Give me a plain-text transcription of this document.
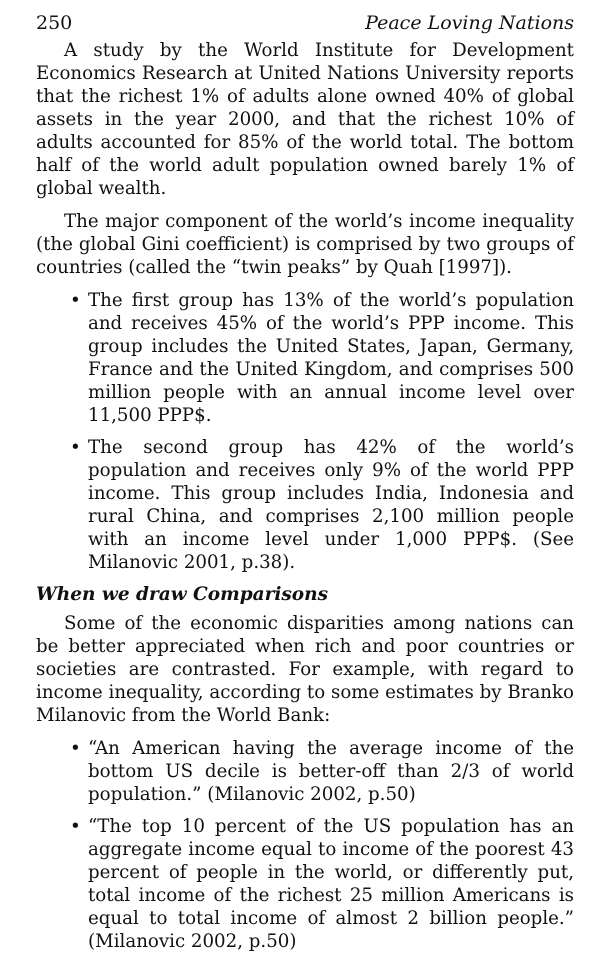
250	Peace Loving Nations

A study by the World Institute for Development Economics Research at United Nations University reports that the richest 1% of adults alone owned 40% of global assets in the year 2000, and that the richest 10% of adults accounted for 85% of the world total. The bottom half of the world adult population owned barely 1% of global wealth.

The major component of the world’s income inequality (the global Gini coefficient) is comprised by two groups of countries (called the “twin peaks” by Quah [1997]).

• The first group has 13% of the world’s population and receives 45% of the world’s PPP income. This group includes the United States, Japan, Germany, France and the United Kingdom, and comprises 500 million people with an annual income level over 11,500 PPP$.
• The second group has 42% of the world’s population and receives only 9% of the world PPP income. This group includes India, Indonesia and rural China, and comprises 2,100 million people with an income level under 1,000 PPP$. (See Milanovic 2001, p.38).
When we draw Comparisons

Some of the economic disparities among nations can be better appreciated when rich and poor countries or societies are contrasted. For example, with regard to income inequality, according to some estimates by Branko Milanovic from the World Bank:

• “An American having the average income of the bottom US decile is better-off than 2/3 of world population.” (Milanovic 2002, p.50)
• “The top 10 percent of the US population has an aggregate income equal to income of the poorest 43 percent of people in the world, or differently put, total income of the richest 25 million Americans is equal to total income of almost 2 billion people.” (Milanovic 2002, p.50)
